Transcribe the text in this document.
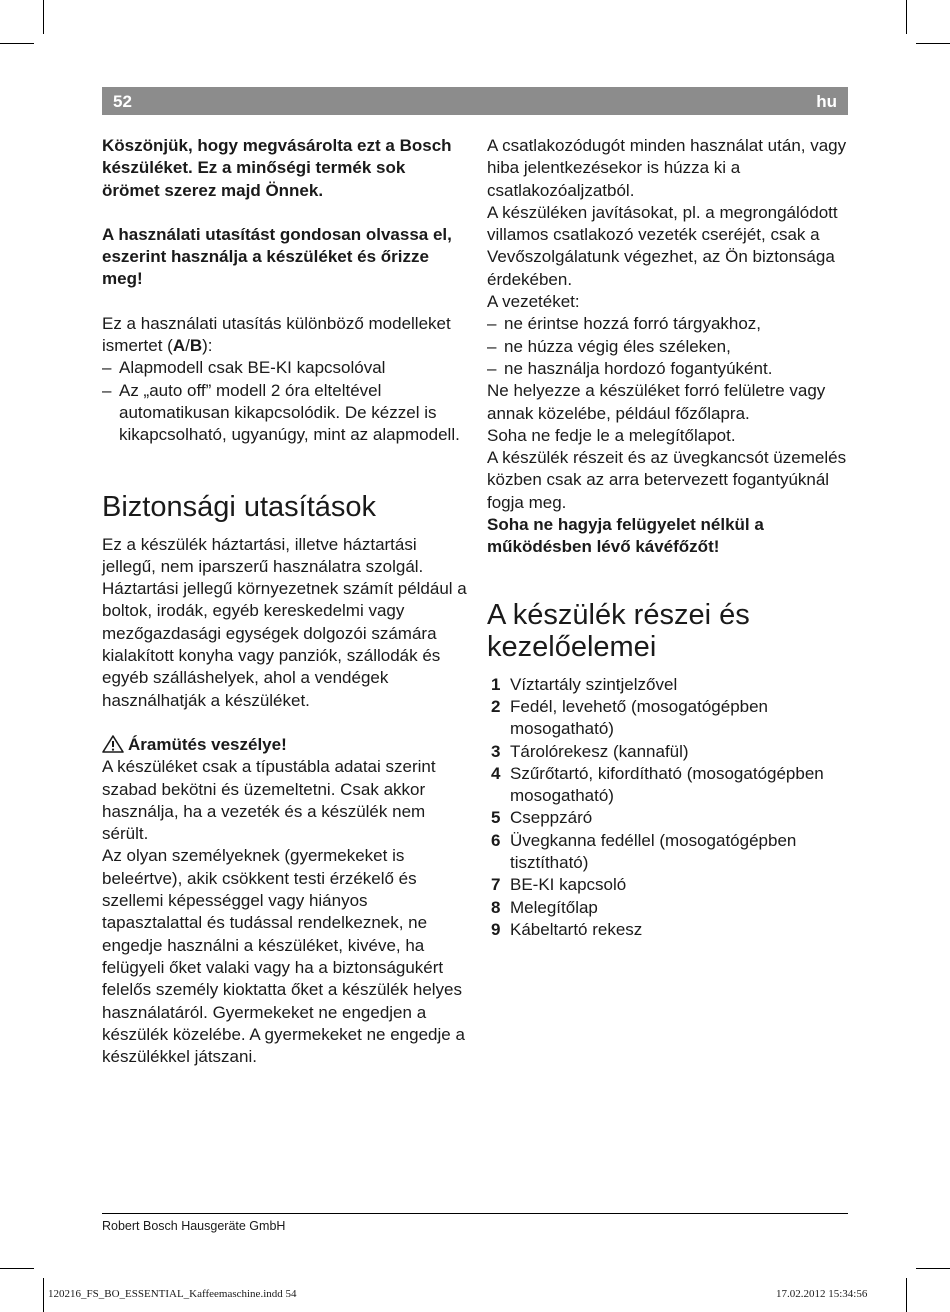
52	hu

Köszönjük, hogy megvásárolta ezt a Bosch készüléket. Ez a minőségi termék sok örömet szerez majd Önnek.

A használati utasítást gondosan olvassa el, eszerint használja a készüléket és őrizze meg!

Ez a használati utasítás különböző modelleket ismertet (A/B):

– Alapmodell csak BE-KI kapcsolóval
– Az „auto off” modell 2 óra elteltével automatikusan kikapcsolódik. De kézzel is kikapcsolható, ugyanúgy, mint az alapmodell.
Biztonsági utasítások

Ez a készülék háztartási, illetve háztartási jellegű, nem iparszerű használatra szolgál. Háztartási jellegű környezetnek számít például a boltok, irodák, egyéb kereskedelmi vagy mezőgazdasági egységek dolgozói számára kialakított konyha vagy panziók, szállodák és egyéb szálláshelyek, ahol a vendégek használhatják a készüléket.

Áramütés veszélye!

A készüléket csak a típustábla adatai szerint szabad bekötni és üzemeltetni. Csak akkor használja, ha a vezeték és a készülék nem sérült.

Az olyan személyeknek (gyermekeket is beleértve), akik csökkent testi érzékelő és szellemi képességgel vagy hiányos tapasztalattal és tudással rendelkeznek, ne engedje használni a készüléket, kivéve, ha felügyeli őket valaki vagy ha a biztonságukért felelős személy kioktatta őket a készülék helyes használatáról. Gyermekeket ne engedjen a készülék közelébe. A gyermekeket ne engedje a készülékkel játszani.

A csatlakozódugót minden használat után, vagy hiba jelentkezésekor is húzza ki a csatlakozóaljzatból.

A készüléken javításokat, pl. a megrongálódott villamos csatlakozó vezeték cseréjét, csak a Vevőszolgálatunk végezhet, az Ön biztonsága érdekében.

A vezetéket:

– ne érintse hozzá forró tárgyakhoz,
– ne húzza végig éles széleken,
– ne használja hordozó fogantyúként.

Ne helyezze a készüléket forró felületre vagy annak közelébe, például főzőlapra.

Soha ne fedje le a melegítőlapot.

A készülék részeit és az üvegkancsót üzemelés közben csak az arra betervezett fogantyúknál fogja meg.

Soha ne hagyja felügyelet nélkül a működésben lévő kávéfőzőt!

A készülék részei és kezelőelemei
1 Víztartály szintjelzővel
2 Fedél, levehető (mosogatógépben mosogatható)
3 Tárolórekesz (kannafül)
4 Szűrőtartó, kifordítható (mosogatógépben mosogatható)
5 Cseppzáró
6 Üvegkanna fedéllel (mosogatógépben tisztítható)
7 BE-KI kapcsoló
8 Melegítőlap
9 Kábeltartó rekesz
Robert Bosch Hausgeräte GmbH
120216_FS_BO_ESSENTIAL_Kaffeemaschine.indd 54	17.02.2012 15:34:56
